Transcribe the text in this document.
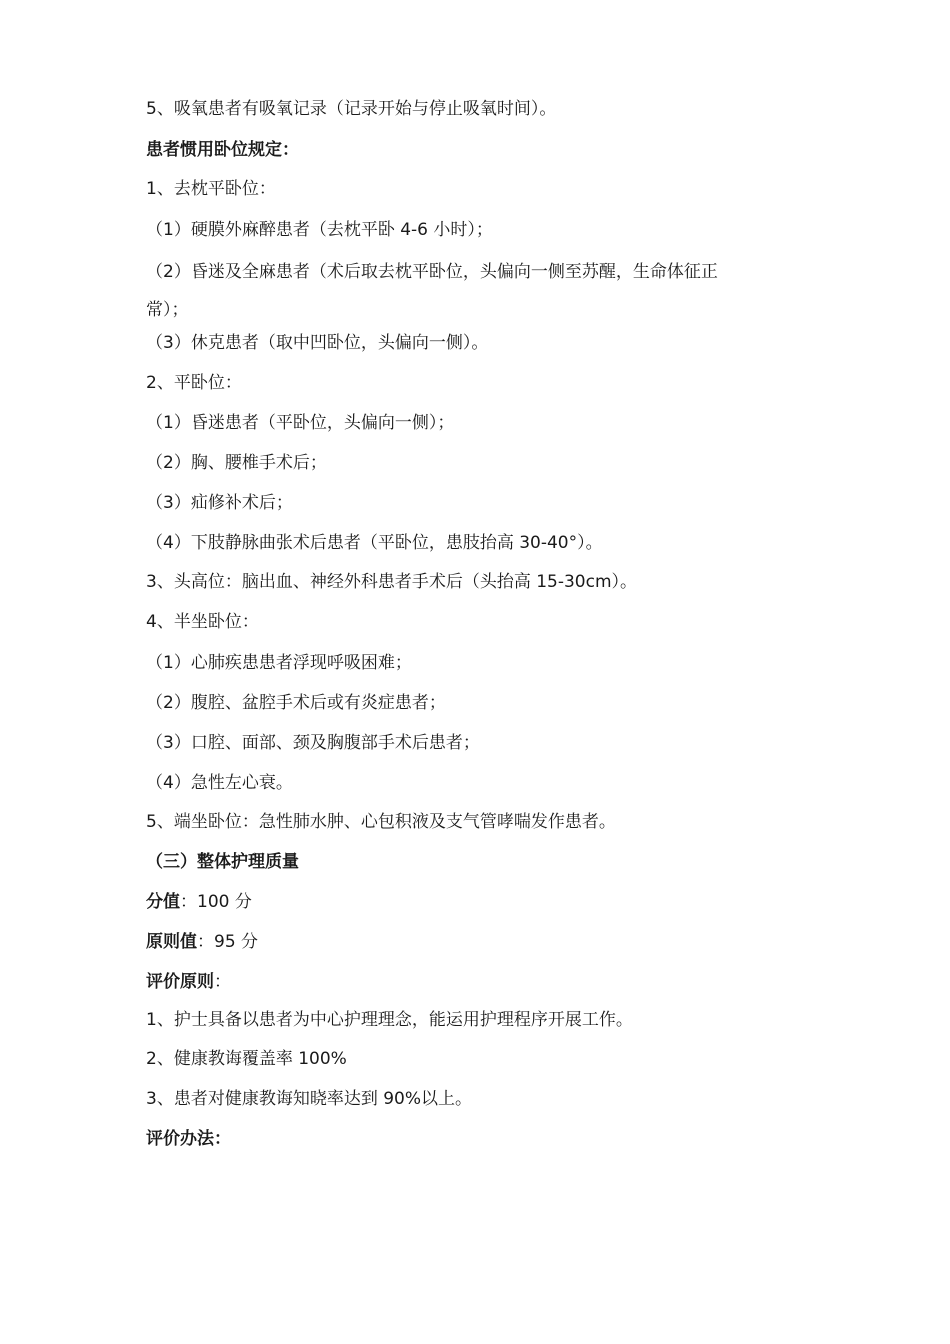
5、吸氧患者有吸氧记录（记录开始与停止吸氧时间）。
患者惯用卧位规定：
1、去枕平卧位：
（1）硬膜外麻醉患者（去枕平卧 4-6 小时）；
（2）昏迷及全麻患者（术后取去枕平卧位，头偏向一侧至苏醒，生命体征正
常）；
（3）休克患者（取中凹卧位，头偏向一侧）。
2、平卧位：
（1）昏迷患者（平卧位，头偏向一侧）；
（2）胸、腰椎手术后；
（3）疝修补术后；
（4）下肢静脉曲张术后患者（平卧位，患肢抬高 30-40°）。
3、头高位：脑出血、神经外科患者手术后（头抬高 15-30cm）。
4、半坐卧位：
（1）心肺疾患患者浮现呼吸困难；
（2）腹腔、盆腔手术后或有炎症患者；
（3）口腔、面部、颈及胸腹部手术后患者；
（4）急性左心衰。
5、端坐卧位：急性肺水肿、心包积液及支气管哮喘发作患者。
（三）整体护理质量
分值：100 分
原则值：95 分
评价原则：
1、护士具备以患者为中心护理理念，能运用护理程序开展工作。
2、健康教诲覆盖率 100%
3、患者对健康教诲知晓率达到 90%以上。
评价办法：
